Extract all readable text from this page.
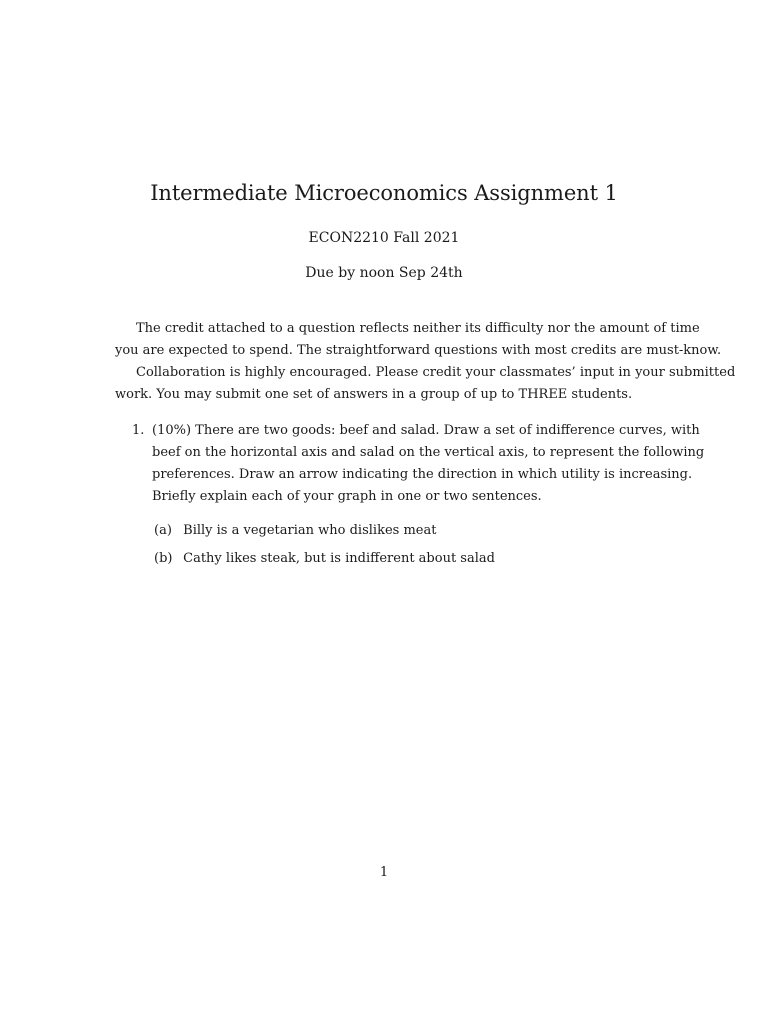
Intermediate Microeconomics Assignment 1
ECON2210 Fall 2021
Due by noon Sep 24th
The credit attached to a question reflects neither its difficulty nor the amount of time
you are expected to spend. The straightforward questions with most credits are must-know.
Collaboration is highly encouraged. Please credit your classmates’ input in your submitted
work. You may submit one set of answers in a group of up to THREE students.
1. (10%) There are two goods: beef and salad. Draw a set of indifference curves, with
beef on the horizontal axis and salad on the vertical axis, to represent the following
preferences. Draw an arrow indicating the direction in which utility is increasing.
Briefly explain each of your graph in one or two sentences.
(a) Billy is a vegetarian who dislikes meat
(b) Cathy likes steak, but is indifferent about salad
1
